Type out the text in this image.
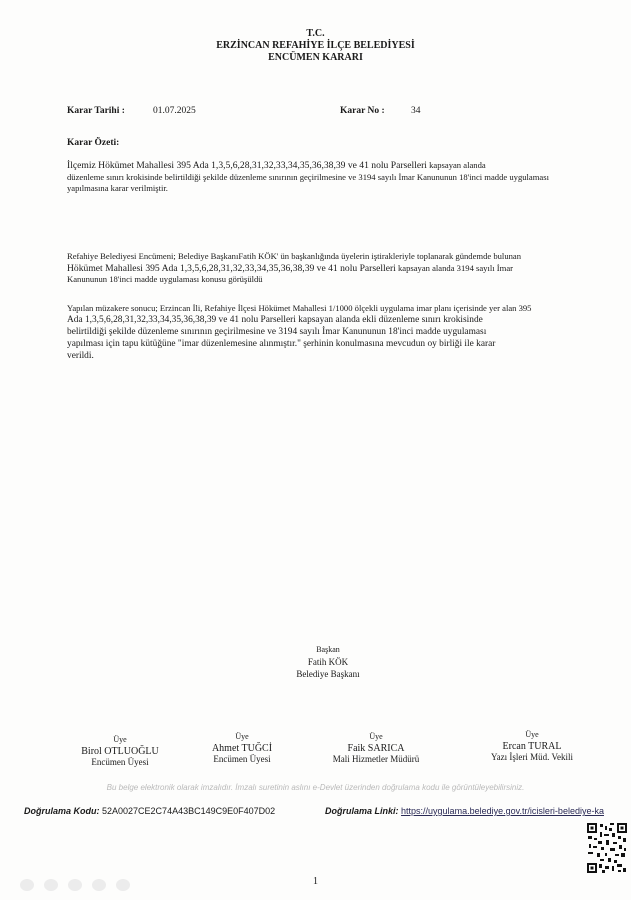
T.C.
ERZİNCAN REFAHİYE İLÇE BELEDİYESİ
ENCÜMEN KARARI
Karar Tarihi :	01.07.2025	Karar No :	34
Karar Özeti:
İlçemiz Hökümet Mahallesi 395 Ada 1,3,5,6,28,31,32,33,34,35,36,38,39 ve 41 nolu Parselleri kapsayan alanda
düzenleme sınırı krokisinde belirtildiği şekilde düzenleme sınırının geçirilmesine ve 3194 sayılı İmar Kanununun 18'inci madde uygulaması
yapılmasına karar verilmiştir.
Refahiye Belediyesi Encümeni; Belediye BaşkanıFatih KÖK' ün başkanlığında üyelerin iştirakleriyle toplanarak gündemde bulunan
Hökümet Mahallesi 395 Ada 1,3,5,6,28,31,32,33,34,35,36,38,39 ve 41 nolu Parselleri kapsayan alanda 3194 sayılı İmar
Kanununun 18'inci madde uygulaması konusu görüşüldü
Yapılan müzakere sonucu; Erzincan İli, Refahiye İlçesi Hökümet Mahallesi 1/1000 ölçekli uygulama imar planı içerisinde yer alan 395
Ada 1,3,5,6,28,31,32,33,34,35,36,38,39 ve 41 nolu Parselleri kapsayan alanda ekli düzenleme sınırı krokisinde
belirtildiği şekilde düzenleme sınırının geçirilmesine ve 3194 sayılı İmar Kanununun 18'inci madde uygulaması
yapılması için tapu kütüğüne "imar düzenlemesine alınmıştır." şerhinin konulmasına mevcudun oy birliği ile karar
verildi.
Başkan
Fatih KÖK
Belediye Başkanı
Üye
Birol OTLUOĞLU
Encümen Üyesi
Üye
Ahmet TUĞCİ
Encümen Üyesi
Üye
Faik SARICA
Mali Hizmetler Müdürü
Üye
Ercan TURAL
Yazı İşleri Müd. Vekili
Bu belge elektronik olarak imzalıdır. İmzalı suretinin aslını e-Devlet üzerinden doğrulama kodu ile görüntüleyebilirsiniz.
Doğrulama Kodu: 52A0027CE2C74A43BC149C9E0F407D02	Doğrulama Linki: https://uygulama.belediye.gov.tr/icisleri-belediye-ka
1
